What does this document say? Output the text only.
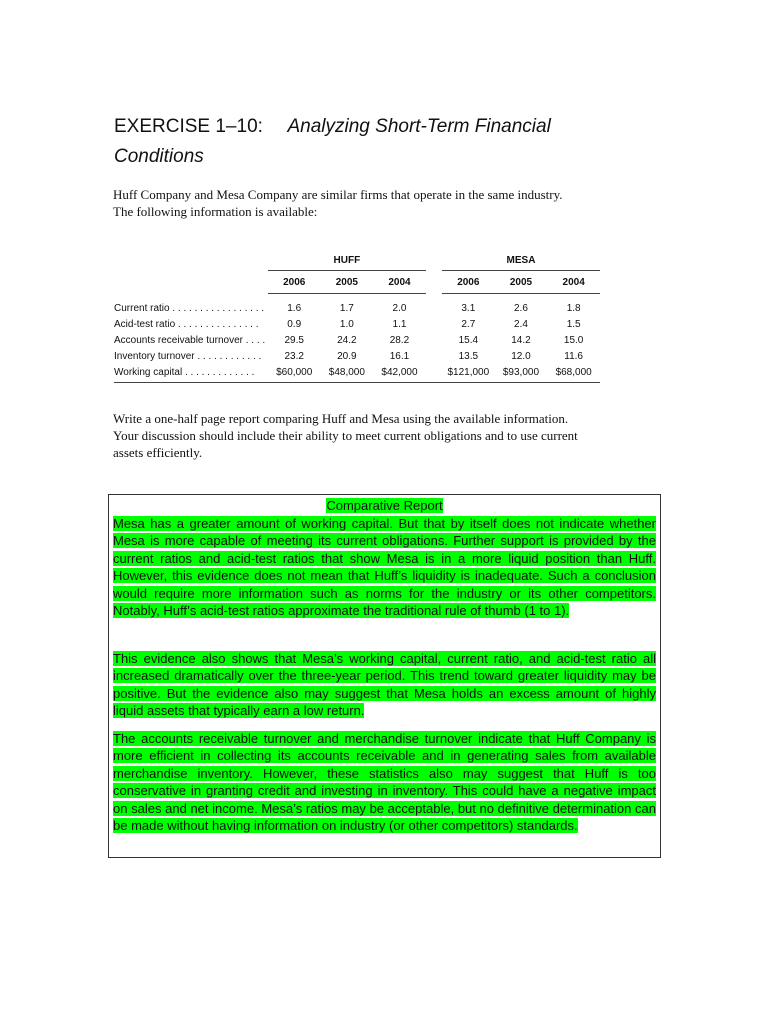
EXERCISE 1–10: Analyzing Short-Term Financial
Conditions
Huff Company and Mesa Company are similar firms that operate in the same industry.
The following information is available:
	HUFF				MESA		
	2006	2005	2004		2006	2005	2004

Current ratio . . . . . . . . . . . . . . . . .	1.6	1.7	2.0		3.1	2.6	1.8
Acid-test ratio . . . . . . . . . . . . . . .	0.9	1.0	1.1		2.7	2.4	1.5
Accounts receivable turnover . . . .	29.5	24.2	28.2		15.4	14.2	15.0
Inventory turnover . . . . . . . . . . . .	23.2	20.9	16.1		13.5	12.0	11.6
Working capital . . . . . . . . . . . . .	$60,000	$48,000	$42,000		$121,000	$93,000	$68,000
Write a one-half page report comparing Huff and Mesa using the available information.
Your discussion should include their ability to meet current obligations and to use current
assets efficiently.
Comparative Report
Mesa has a greater amount of working capital. But that by itself does not indicate whether Mesa is more capable of meeting its current obligations. Further support is provided by the current ratios and acid-test ratios that show Mesa is in a more liquid position than Huff. However, this evidence does not mean that Huff’s liquidity is inadequate. Such a conclusion would require more information such as norms for the industry or its other competitors. Notably, Huff’s acid-test ratios approximate the traditional rule of thumb (1 to 1).
This evidence also shows that Mesa’s working capital, current ratio, and acid-test ratio all increased dramatically over the three-year period. This trend toward greater liquidity may be positive. But the evidence also may suggest that Mesa holds an excess amount of highly liquid assets that typically earn a low return.
The accounts receivable turnover and merchandise turnover indicate that Huff Company is more efficient in collecting its accounts receivable and in generating sales from available merchandise inventory. However, these statistics also may suggest that Huff is too conservative in granting credit and investing in inventory. This could have a negative impact on sales and net income. Mesa’s ratios may be acceptable, but no definitive determination can be made without having information on industry (or other competitors) standards.
